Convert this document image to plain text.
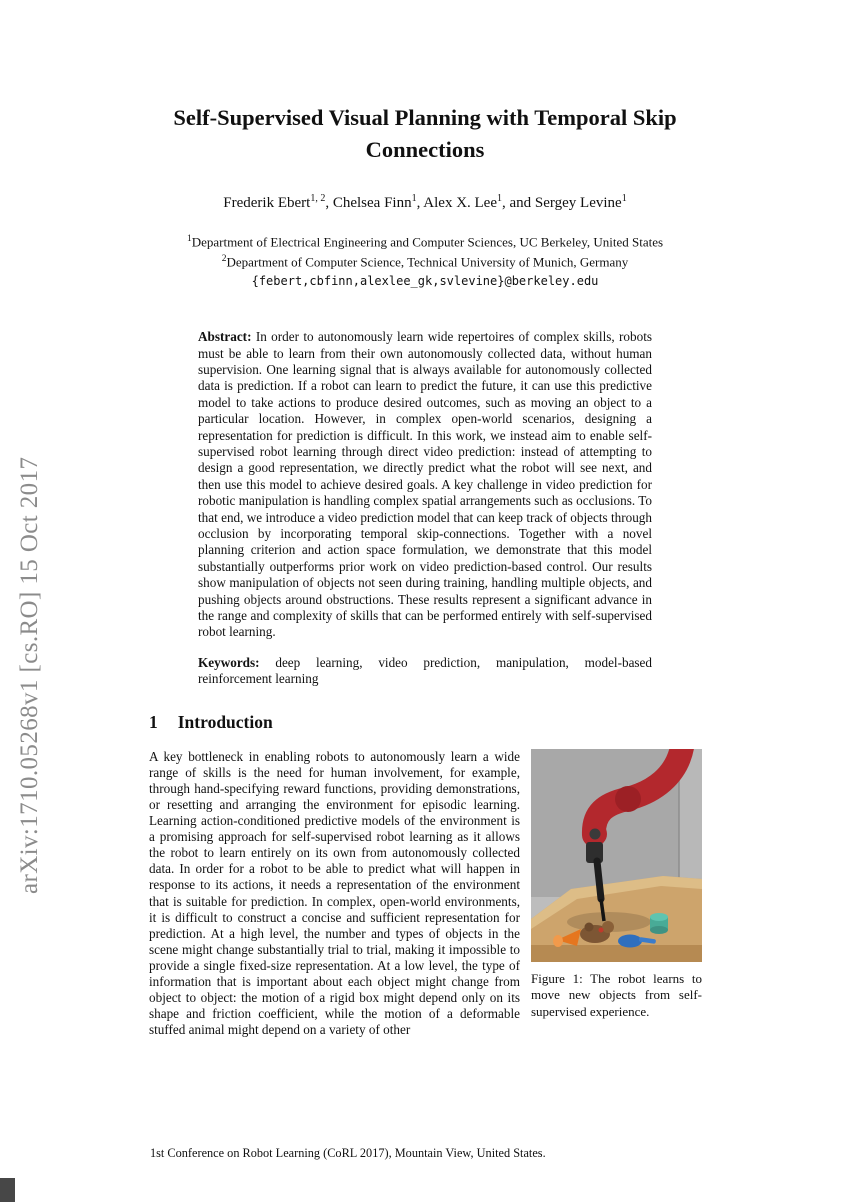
arXiv:1710.05268v1 [cs.RO] 15 Oct 2017
Self-Supervised Visual Planning with Temporal Skip
Connections
Frederik Ebert$^{1, 2}$, Chelsea Finn$^1$, Alex X. Lee$^1$, and Sergey Levine$^1$
$^1$Department of Electrical Engineering and Computer Sciences, UC Berkeley, United States
$^2$Department of Computer Science, Technical University of Munich, Germany
{febert,cbfinn,alexlee_gk,svlevine}@berkeley.edu
Abstract: In order to autonomously learn wide repertoires of complex skills, robots must be able to learn from their own autonomously collected data, without human supervision. One learning signal that is always available for autonomously collected data is prediction. If a robot can learn to predict the future, it can use this predictive model to take actions to produce desired outcomes, such as moving an object to a particular location. However, in complex open-world scenarios, designing a representation for prediction is difficult. In this work, we instead aim to enable self-supervised robot learning through direct video prediction: instead of attempting to design a good representation, we directly predict what the robot will see next, and then use this model to achieve desired goals. A key challenge in video prediction for robotic manipulation is handling complex spatial arrangements such as occlusions. To that end, we introduce a video prediction model that can keep track of objects through occlusion by incorporating temporal skip-connections. Together with a novel planning criterion and action space formulation, we demonstrate that this model substantially outperforms prior work on video prediction-based control. Our results show manipulation of objects not seen during training, handling multiple objects, and pushing objects around obstructions. These results represent a significant advance in the range and complexity of skills that can be performed entirely with self-supervised robot learning.
Keywords: deep learning, video prediction, manipulation, model-based reinforcement learning
1 Introduction
A key bottleneck in enabling robots to autonomously learn a wide range of skills is the need for human involvement, for example, through hand-specifying reward functions, providing demonstrations, or resetting and arranging the environment for episodic learning. Learning action-conditioned predictive models of the environment is a promising approach for self-supervised robot learning as it allows the robot to learn entirely on its own from autonomously collected data. In order for a robot to be able to predict what will happen in response to its actions, it needs a representation of the environment that is suitable for prediction. In complex, open-world environments, it is difficult to construct a concise and sufficient representation for prediction. At a high level, the number and types of objects in the scene might change substantially trial to trial, making it impossible to provide a single fixed-size representation. At a low level, the type of information that is important about each object might change from object to object: the motion of a rigid box might depend only on its shape and friction coefficient, while the motion of a deformable stuffed animal might depend on a variety of other
Figure 1: The robot learns to move new objects from self-supervised experience.
1st Conference on Robot Learning (CoRL 2017), Mountain View, United States.
